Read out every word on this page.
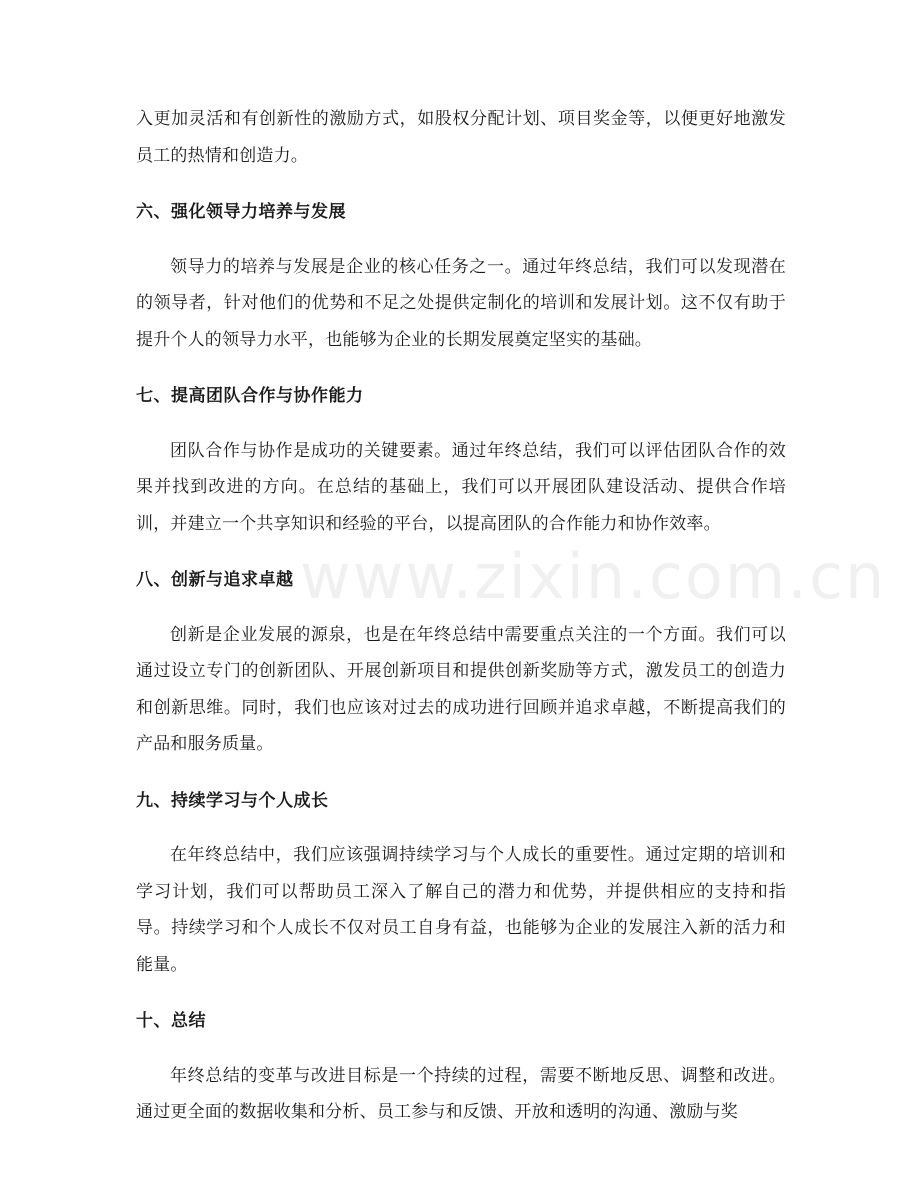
www.zixin.com.cn

入更加灵活和有创新性的激励方式，如股权分配计划、项目奖金等，以便更好地激发员工的热情和创造力。

六、强化领导力培养与发展

领导力的培养与发展是企业的核心任务之一。通过年终总结，我们可以发现潜在的领导者，针对他们的优势和不足之处提供定制化的培训和发展计划。这不仅有助于提升个人的领导力水平，也能够为企业的长期发展奠定坚实的基础。

七、提高团队合作与协作能力

团队合作与协作是成功的关键要素。通过年终总结，我们可以评估团队合作的效果并找到改进的方向。在总结的基础上，我们可以开展团队建设活动、提供合作培训，并建立一个共享知识和经验的平台，以提高团队的合作能力和协作效率。

八、创新与追求卓越

创新是企业发展的源泉，也是在年终总结中需要重点关注的一个方面。我们可以通过设立专门的创新团队、开展创新项目和提供创新奖励等方式，激发员工的创造力和创新思维。同时，我们也应该对过去的成功进行回顾并追求卓越，不断提高我们的产品和服务质量。

九、持续学习与个人成长

在年终总结中，我们应该强调持续学习与个人成长的重要性。通过定期的培训和学习计划，我们可以帮助员工深入了解自己的潜力和优势，并提供相应的支持和指导。持续学习和个人成长不仅对员工自身有益，也能够为企业的发展注入新的活力和能量。

十、总结

年终总结的变革与改进目标是一个持续的过程，需要不断地反思、调整和改进。通过更全面的数据收集和分析、员工参与和反馈、开放和透明的沟通、激励与奖
